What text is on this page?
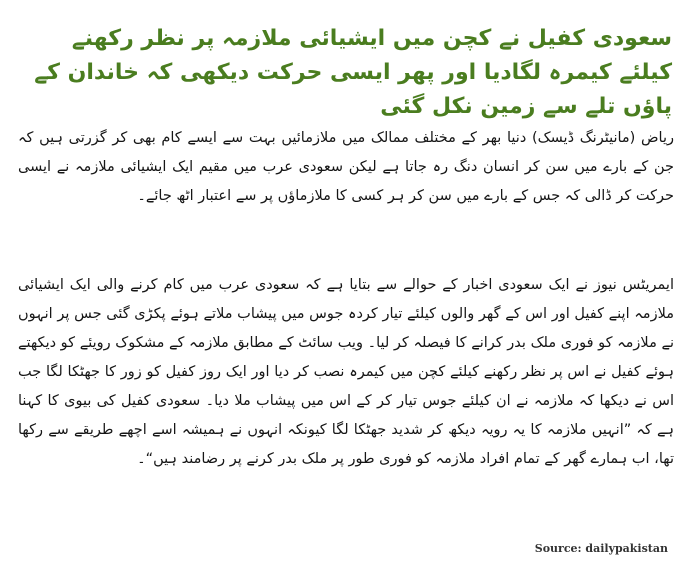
سعودی کفیل نے کچن میں ایشیائی ملازمہ پر نظر رکھنے کیلئے کیمرہ لگادیا اور پھر ایسی حرکت دیکھی کہ خاندان کے پاؤں تلے سے زمین نکل گئی
ریاض (مانیٹرنگ ڈیسک) دنیا بھر کے مختلف ممالک میں ملازمائیں بہت سے ایسے کام بھی کر گزرتی ہیں کہ جن کے بارے میں سن کر انسان دنگ رہ جاتا ہے لیکن سعودی عرب میں مقیم ایک ایشیائی ملازمہ نے ایسی حرکت کر ڈالی کہ جس کے بارے میں سن کر ہر کسی کا ملازماؤں پر سے اعتبار اٹھ جائے۔
ایمریٹس نیوز نے ایک سعودی اخبار کے حوالے سے بتایا ہے کہ سعودی عرب میں کام کرنے والی ایک ایشیائی ملازمہ اپنے کفیل اور اس کے گھر والوں کیلئے تیار کردہ جوس میں پیشاب ملاتے ہوئے پکڑی گئی جس پر انہوں نے ملازمہ کو فوری ملک بدر کرانے کا فیصلہ کر لیا۔ ویب سائٹ کے مطابق ملازمہ کے مشکوک رویئے کو دیکھتے ہوئے کفیل نے اس پر نظر رکھنے کیلئے کچن میں کیمرہ نصب کر دیا اور ایک روز کفیل کو زور کا جھٹکا لگا جب اس نے دیکھا کہ ملازمہ نے ان کیلئے جوس تیار کر کے اس میں پیشاب ملا دیا۔ سعودی کفیل کی بیوی کا کہنا ہے کہ ”انہیں ملازمہ کا یہ رویہ دیکھ کر شدید جھٹکا لگا کیونکہ انہوں نے ہمیشہ اسے اچھے طریقے سے رکھا تھا، اب ہمارے گھر کے تمام افراد ملازمہ کو فوری طور پر ملک بدر کرنے پر رضامند ہیں“۔
Source: dailypakistan
